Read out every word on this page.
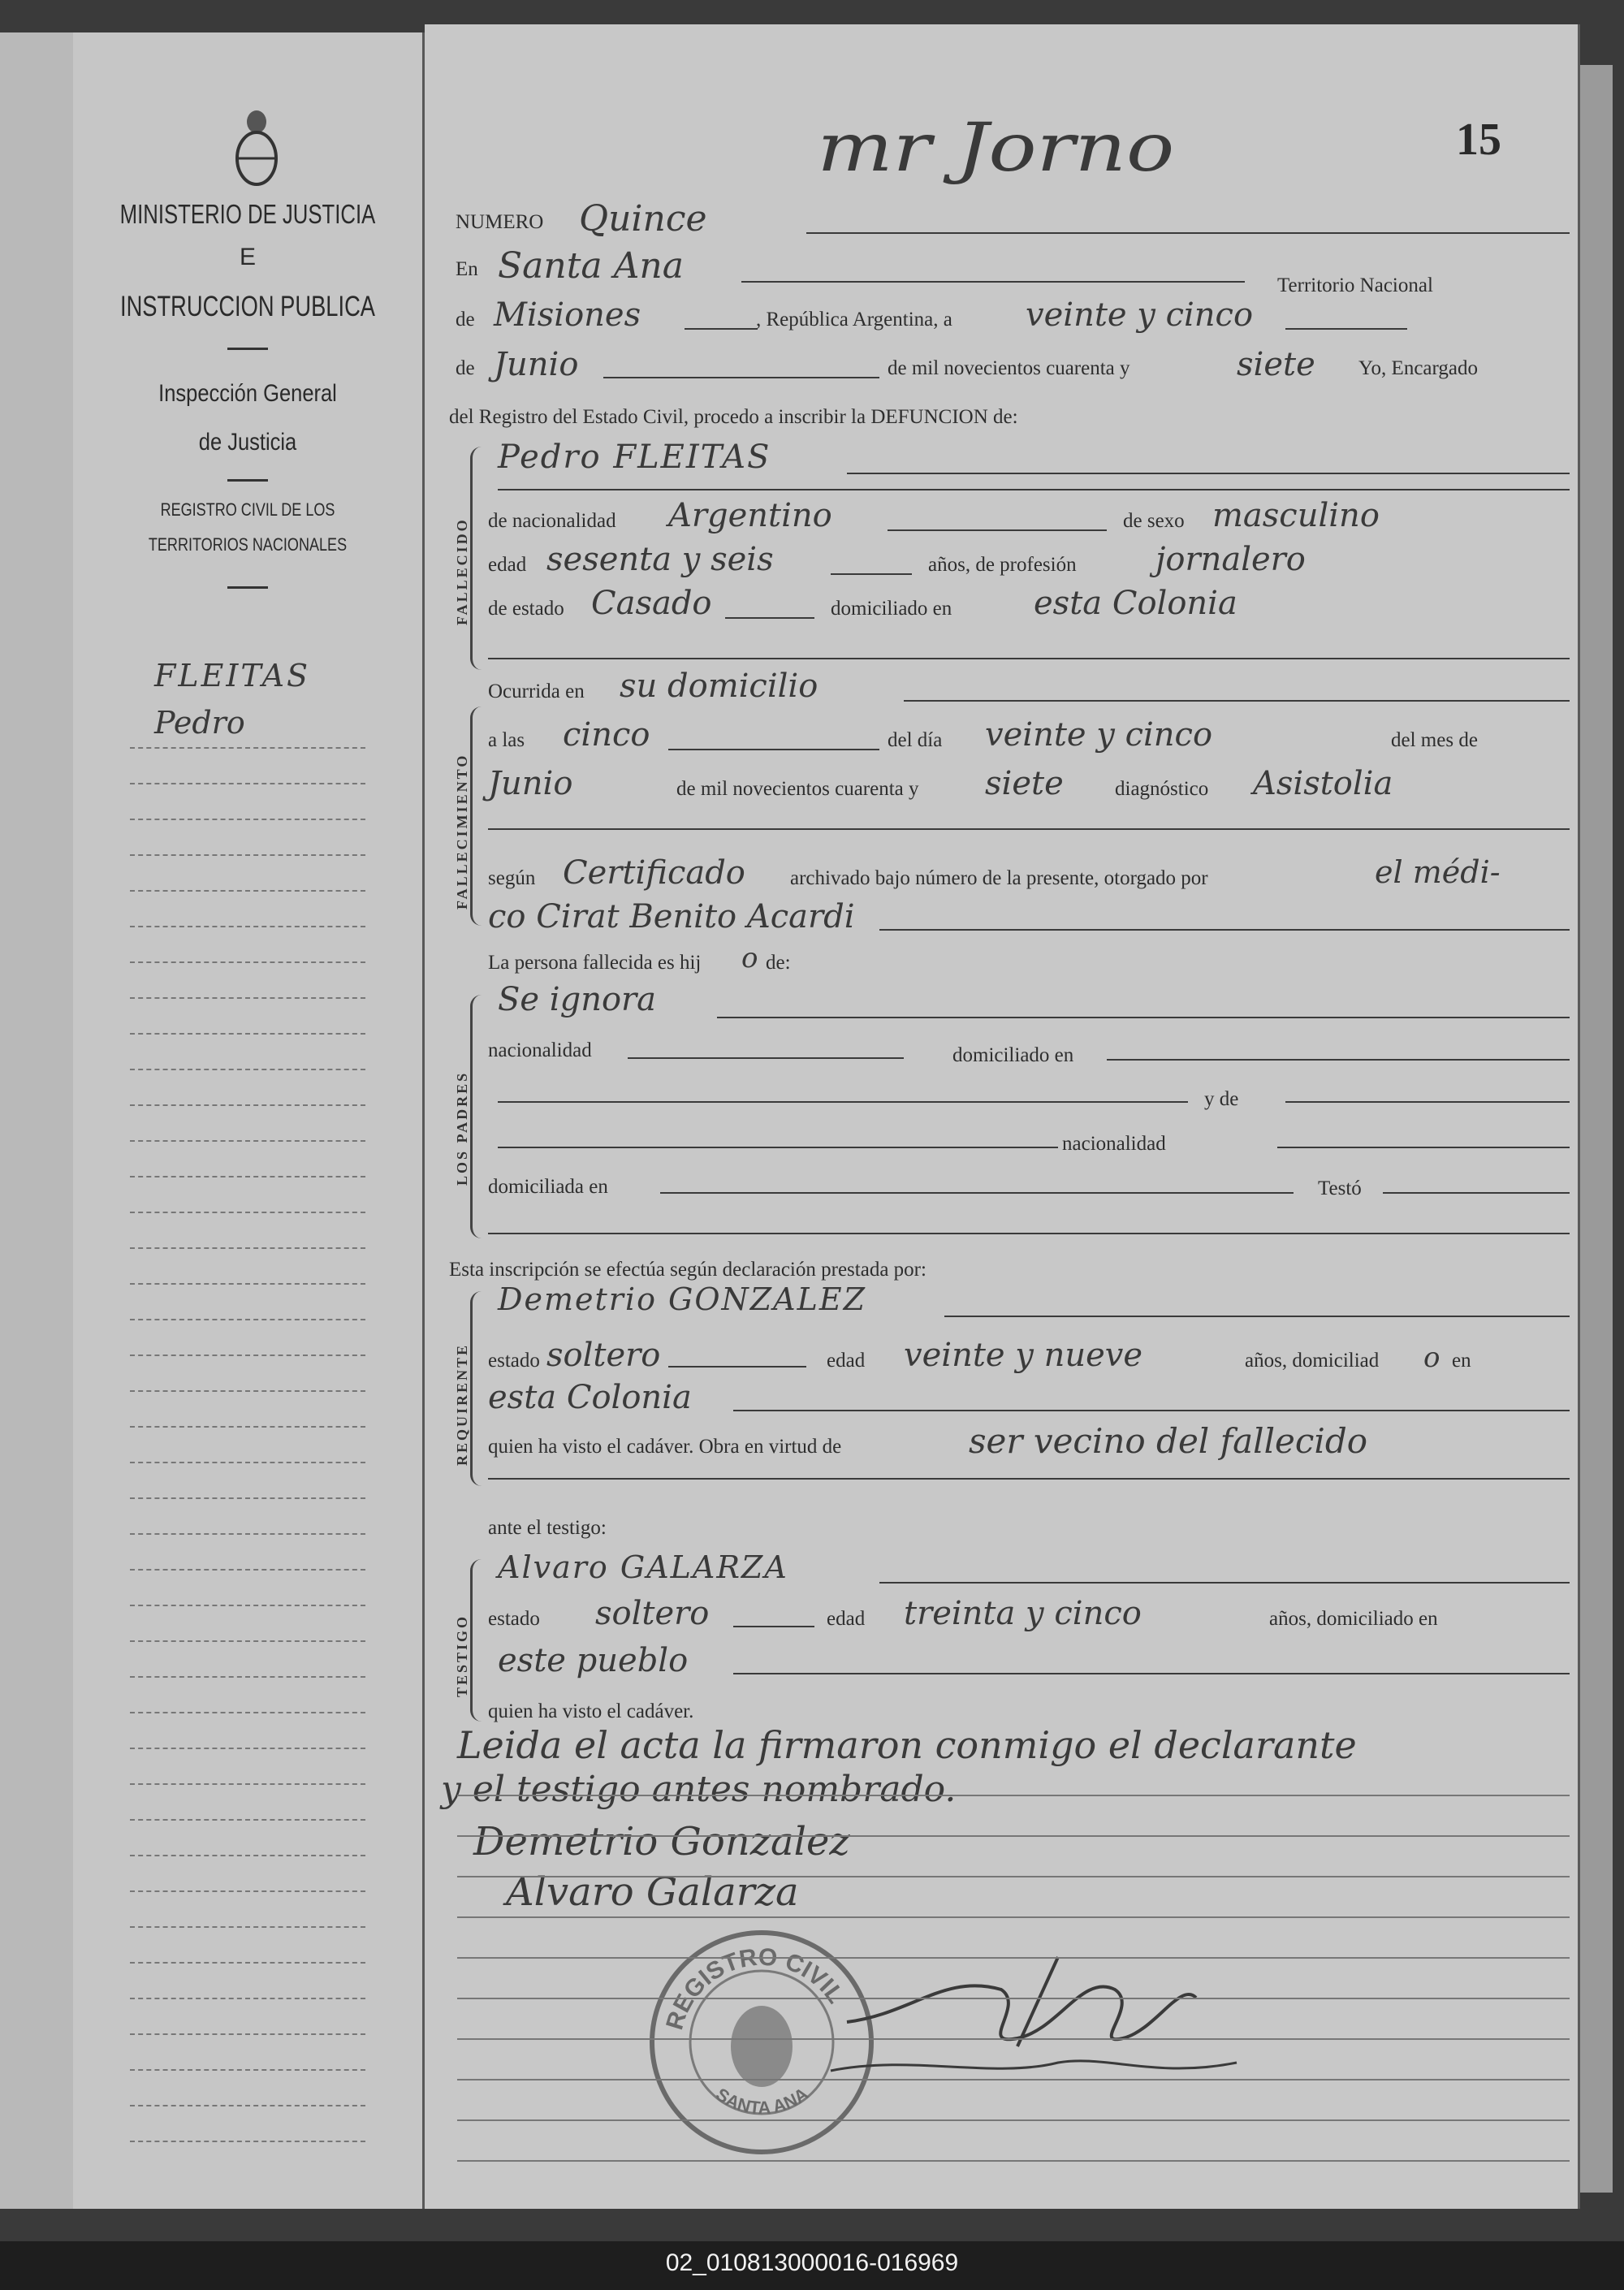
MINISTERIO DE JUSTICIA
E
INSTRUCCION PUBLICA
Inspección General
de Justicia
REGISTRO CIVIL DE LOS
TERRITORIOS NACIONALES
FLEITAS
Pedro
mr Jorno	15
NUMERO Quince
En Santa Ana	Territorio Nacional
de Misiones	, República Argentina, a veinte y cinco
de Junio	de mil novecientos cuarenta y	siete Yo, Encargado
del Registro del Estado Civil, procedo a inscribir la DEFUNCION de:
FALLECIDO
Pedro FLEITAS
de nacionalidad Argentino	de sexo masculino
edad sesenta y seis	años, de profesión jornalero
de estado Casado	domiciliado en	esta Colonia
FALLECIMIENTO
Ocurrida en su domicilio
a las cinco	del día veinte y cinco	del mes de
Junio	de mil novecientos cuarenta y siete	diagnóstico Asistolia
según Certificado archivado bajo número de la presente, otorgado por	el médi-
co Cirat Benito Acardi
La persona fallecida es hij o de:
LOS PADRES
Se ignora
nacionalidad	domiciliado en
y de
nacionalidad
domiciliada en	Testó
Esta inscripción se efectúa según declaración prestada por:
REQUIRENTE
Demetrio GONZALEZ
estado soltero	edad veinte y nueve	años, domiciliad o en
esta Colonia
quien ha visto el cadáver. Obra en virtud de	ser vecino del fallecido
ante el testigo:
TESTIGO
Alvaro GALARZA
estado soltero	edad treinta y cinco	años, domiciliado en
este pueblo
quien ha visto el cadáver.
Leida el acta la firmaron conmigo el declarante
y el testigo antes nombrado.
Demetrio Gonzalez
Alvaro Galarza
REGISTRO CIVIL
SANTA ANA
02_010813000016-016969
